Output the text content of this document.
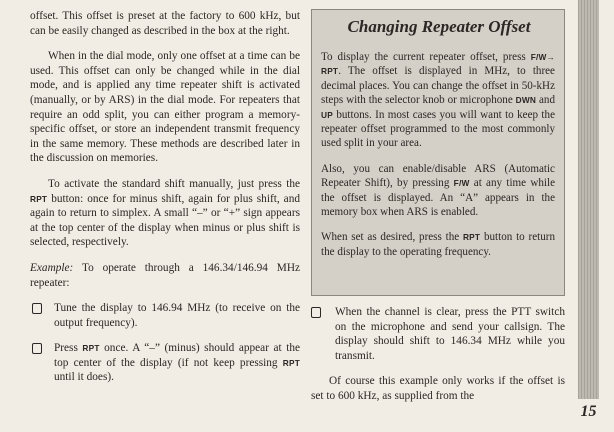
offset. This offset is preset at the factory to 600 kHz, but can be easily changed as described in the box at the right.

When in the dial mode, only one offset at a time can be used. This offset can only be changed while in the dial mode, and is applied any time repeater shift is activated (manually, or by ARS) in the dial mode. For repeaters that require an odd split, you can either program a memory-specific offset, or store an independent transmit frequency in the same memory. These methods are described later in the discussion on memories.

To activate the standard shift manually, just press the RPT button: once for minus shift, again for plus shift, and again to return to simplex. A small “–” or “+” sign appears at the top center of the display when minus or plus shift is selected, respectively.

Example: To operate through a 146.34/146.94 MHz repeater:

Tune the display to 146.94 MHz (to receive on the output frequency).

Press RPT once. A “–” (minus) should appear at the top center of the display (if not keep pressing RPT until it does).

Changing Repeater Offset

To display the current repeater offset, press F/W→ RPT. The offset is displayed in MHz, to three decimal places. You can change the offset in 50-kHz steps with the selector knob or microphone DWN and UP buttons. In most cases you will want to keep the repeater offset programmed to the most commonly used split in your area.

Also, you can enable/disable ARS (Automatic Repeater Shift), by pressing F/W at any time while the offset is displayed. An “A” appears in the memory box when ARS is enabled.

When set as desired, press the RPT button to return the display to the operating frequency.

When the channel is clear, press the PTT switch on the microphone and send your callsign. The display should shift to 146.34 MHz while you transmit.

Of course this example only works if the offset is set to 600 kHz, as supplied from the

15
